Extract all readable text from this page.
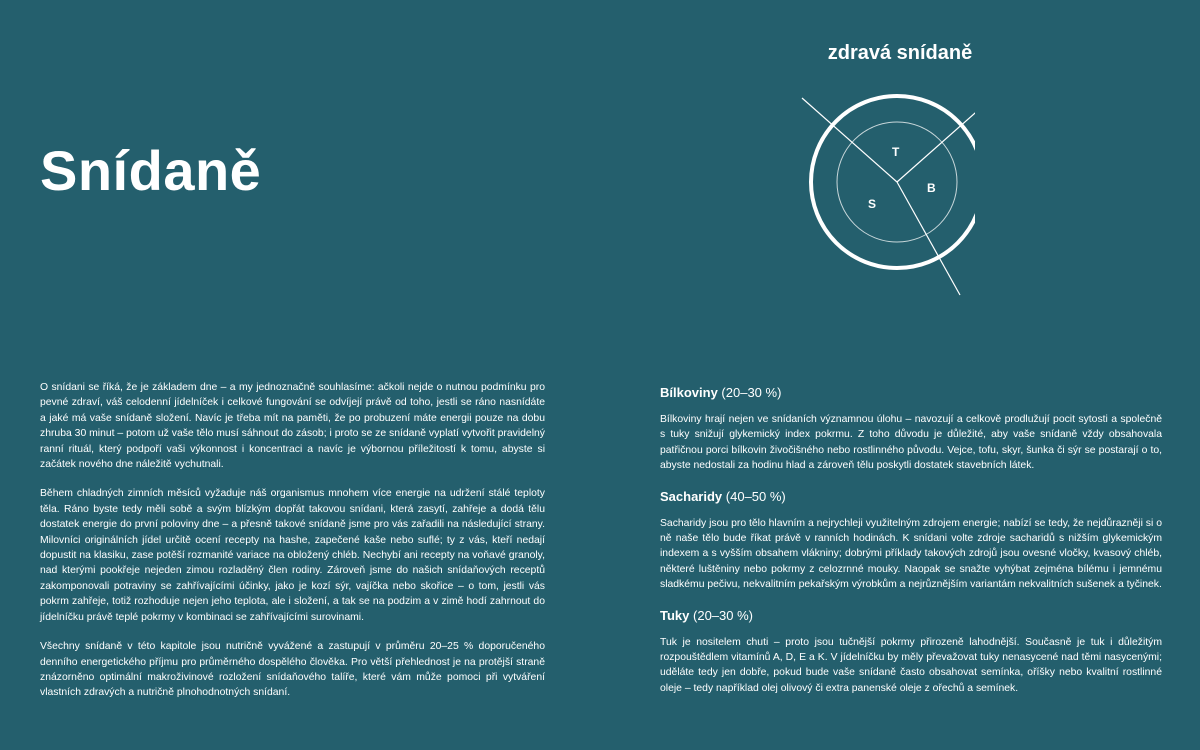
Snídaně
zdravá snídaně
T
B
S

O snídani se říká, že je základem dne – a my jednoznačně souhlasíme: ačkoli nejde o nutnou podmínku pro pevné zdraví, váš celodenní jídelníček i celkové fungování se odvíjejí právě od toho, jestli se ráno nasnídáte a jaké má vaše snídaně složení. Navíc je třeba mít na paměti, že po probuzení máte energii pouze na dobu zhruba 30 minut – potom už vaše tělo musí sáhnout do zásob; i proto se ze snídaně vyplatí vytvořit pravidelný ranní rituál, který podpoří vaši výkonnost i koncentraci a navíc je výbornou příležitostí k tomu, abyste si začátek nového dne náležitě vychutnali.

Během chladných zimních měsíců vyžaduje náš organismus mnohem více energie na udržení stálé teploty těla. Ráno byste tedy měli sobě a svým blízkým dopřát takovou snídani, která zasytí, zahřeje a dodá tělu dostatek energie do první poloviny dne – a přesně takové snídaně jsme pro vás zařadili na následující strany. Milovníci originálních jídel určitě ocení recepty na hashe, zapečené kaše nebo suflé; ty z vás, kteří nedají dopustit na klasiku, zase potěší rozmanité variace na obložený chléb. Nechybí ani recepty na voňavé granoly, nad kterými pookřeje nejeden zimou rozladěný člen rodiny. Zároveň jsme do našich snídaňových receptů zakomponovali potraviny se zahřívajícími účinky, jako je kozí sýr, vajíčka nebo skořice – o tom, jestli vás pokrm zahřeje, totiž rozhoduje nejen jeho teplota, ale i složení, a tak se na podzim a v zimě hodí zahrnout do jídelníčku právě teplé pokrmy v kombinaci se zahřívajícími surovinami.

Všechny snídaně v této kapitole jsou nutričně vyvážené a zastupují v průměru 20–25 % doporučeného denního energetického příjmu pro průměrného dospělého člověka. Pro větší přehlednost je na protější straně znázorněno optimální makroživinové rozložení snídaňového talíře, které vám může pomoci při vytváření vlastních zdravých a nutričně plnohodnotných snídaní.

Bílkoviny (20–30 %)

Bílkoviny hrají nejen ve snídaních významnou úlohu – navozují a celkově prodlužují pocit sytosti a společně s tuky snižují glykemický index pokrmu. Z toho důvodu je důležité, aby vaše snídaně vždy obsahovala patřičnou porci bílkovin živočišného nebo rostlinného původu. Vejce, tofu, skyr, šunka či sýr se postarají o to, abyste nedostali za hodinu hlad a zároveň tělu poskytli dostatek stavebních látek.

Sacharidy (40–50 %)

Sacharidy jsou pro tělo hlavním a nejrychleji využitelným zdrojem energie; nabízí se tedy, že nejdůrazněji si o ně naše tělo bude říkat právě v ranních hodinách. K snídani volte zdroje sacharidů s nižším glykemickým indexem a s vyšším obsahem vlákniny; dobrými příklady takových zdrojů jsou ovesné vločky, kvasový chléb, některé luštěniny nebo pokrmy z celozrnné mouky. Naopak se snažte vyhýbat zejména bílému i jemnému sladkému pečivu, nekvalitním pekařským výrobkům a nejrůznějším variantám nekvalitních sušenek a tyčinek.

Tuky (20–30 %)

Tuk je nositelem chuti – proto jsou tučnější pokrmy přirozeně lahodnější. Současně je tuk i důležitým rozpouštědlem vitamínů A, D, E a K. V jídelníčku by měly převažovat tuky nenasycené nad těmi nasycenými; uděláte tedy jen dobře, pokud bude vaše snídaně často obsahovat semínka, oříšky nebo kvalitní rostlinné oleje – tedy například olej olivový či extra panenské oleje z ořechů a semínek.
